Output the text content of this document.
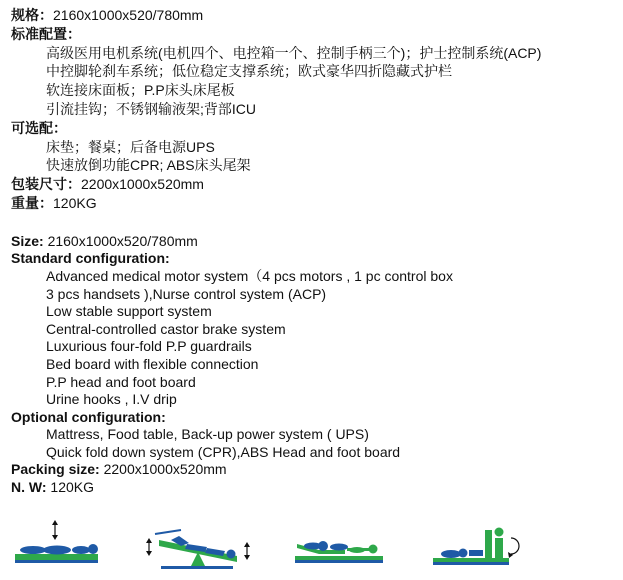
规格：2160x1000x520/780mm
标准配置：
高级医用电机系统(电机四个、电控箱一个、控制手柄三个)；护士控制系统(ACP)
中控脚轮刹车系统；低位稳定支撑系统；欧式豪华四折隐藏式护栏
软连接床面板；P.P床头床尾板
引流挂钩；不锈钢输液架;背部ICU
可选配：
床垫；餐桌；后备电源UPS
快速放倒功能CPR; ABS床头尾架
包装尺寸：2200x1000x520mm
重量：120KG
Size: 2160x1000x520/780mm
Standard configuration:
Advanced medical motor system（4 pcs motors , 1 pc control box
3 pcs handsets ),Nurse control system (ACP)
Low stable support system
Central-controlled castor brake system
Luxurious four-fold P.P guardrails
Bed board with flexible connection
P.P head and foot board
Urine hooks , I.V drip
Optional configuration:
Mattress, Food table, Back-up power system ( UPS)
Quick fold down system (CPR),ABS Head and foot board
Packing size: 2200x1000x520mm
N. W: 120KG
